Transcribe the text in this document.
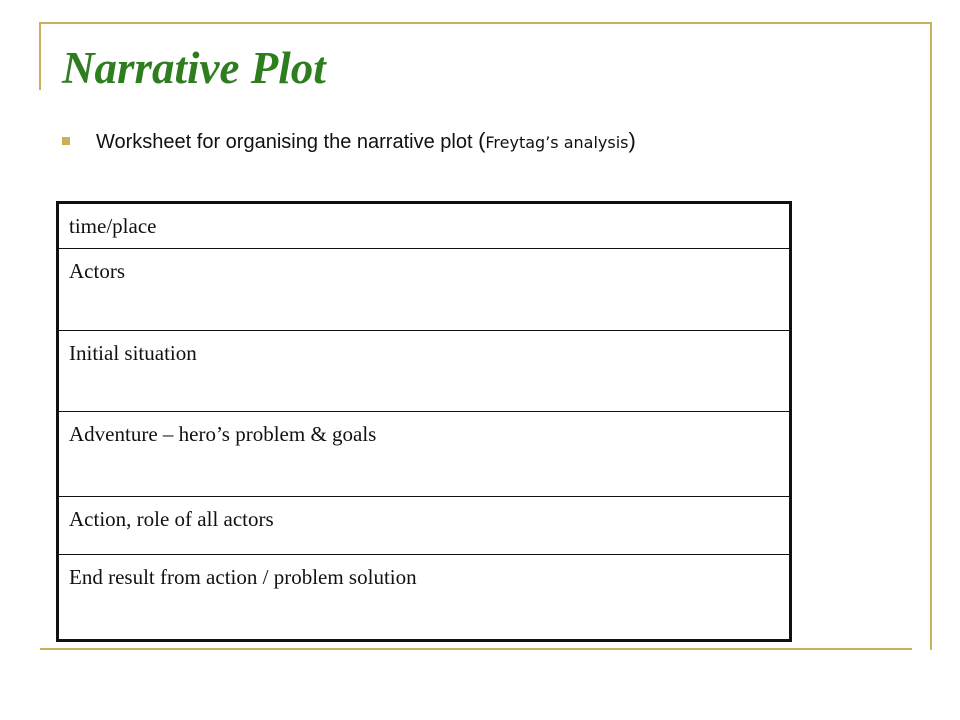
Narrative Plot
Worksheet for organising the narrative plot (Freytag’s analysis)
time/place
Actors
Initial situation
Adventure – hero’s problem & goals
Action, role of all actors
End result from action / problem solution
